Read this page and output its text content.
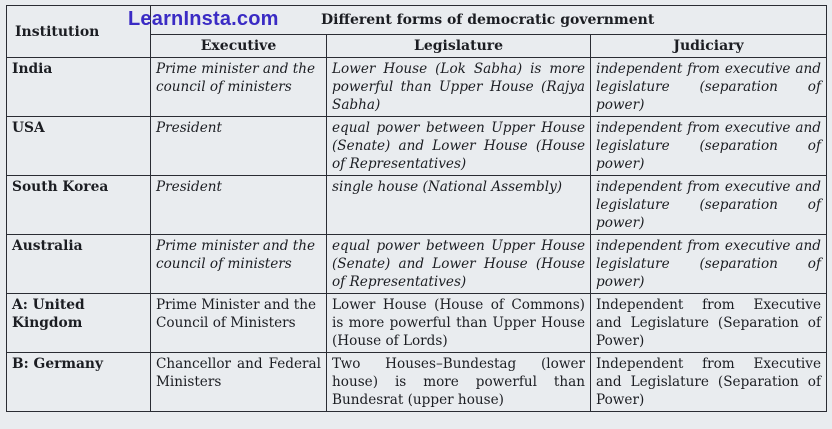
Institution	Different forms of democratic government		
	Executive	Legislature	Judiciary
India	Prime minister and the council of ministers	Lower House (Lok Sabha) is more powerful than Upper House (Rajya Sabha)	independent from executive and legislature (separation of power)
USA	President	equal power between Upper House (Senate) and Lower House (House of Representatives)	independent from executive and legislature (separation of power)
South Korea	President	single house (National Assembly)	independent from executive and legislature (separation of power)
Australia	Prime minister and the council of ministers	equal power between Upper House (Senate) and Lower House (House of Representatives)	independent from executive and legislature (separation of power)
A: United Kingdom	Prime Minister and the Council of Ministers	Lower House (House of Commons) is more powerful than Upper House (House of Lords)	Independent from Executive and Legislature (Separation of Power)
B: Germany	Chancellor and Federal Ministers	Two Houses–Bundestag (lower house) is more powerful than Bundesrat (upper house)	Independent from Executive and Legislature (Separation of Power)
LearnInsta.com
